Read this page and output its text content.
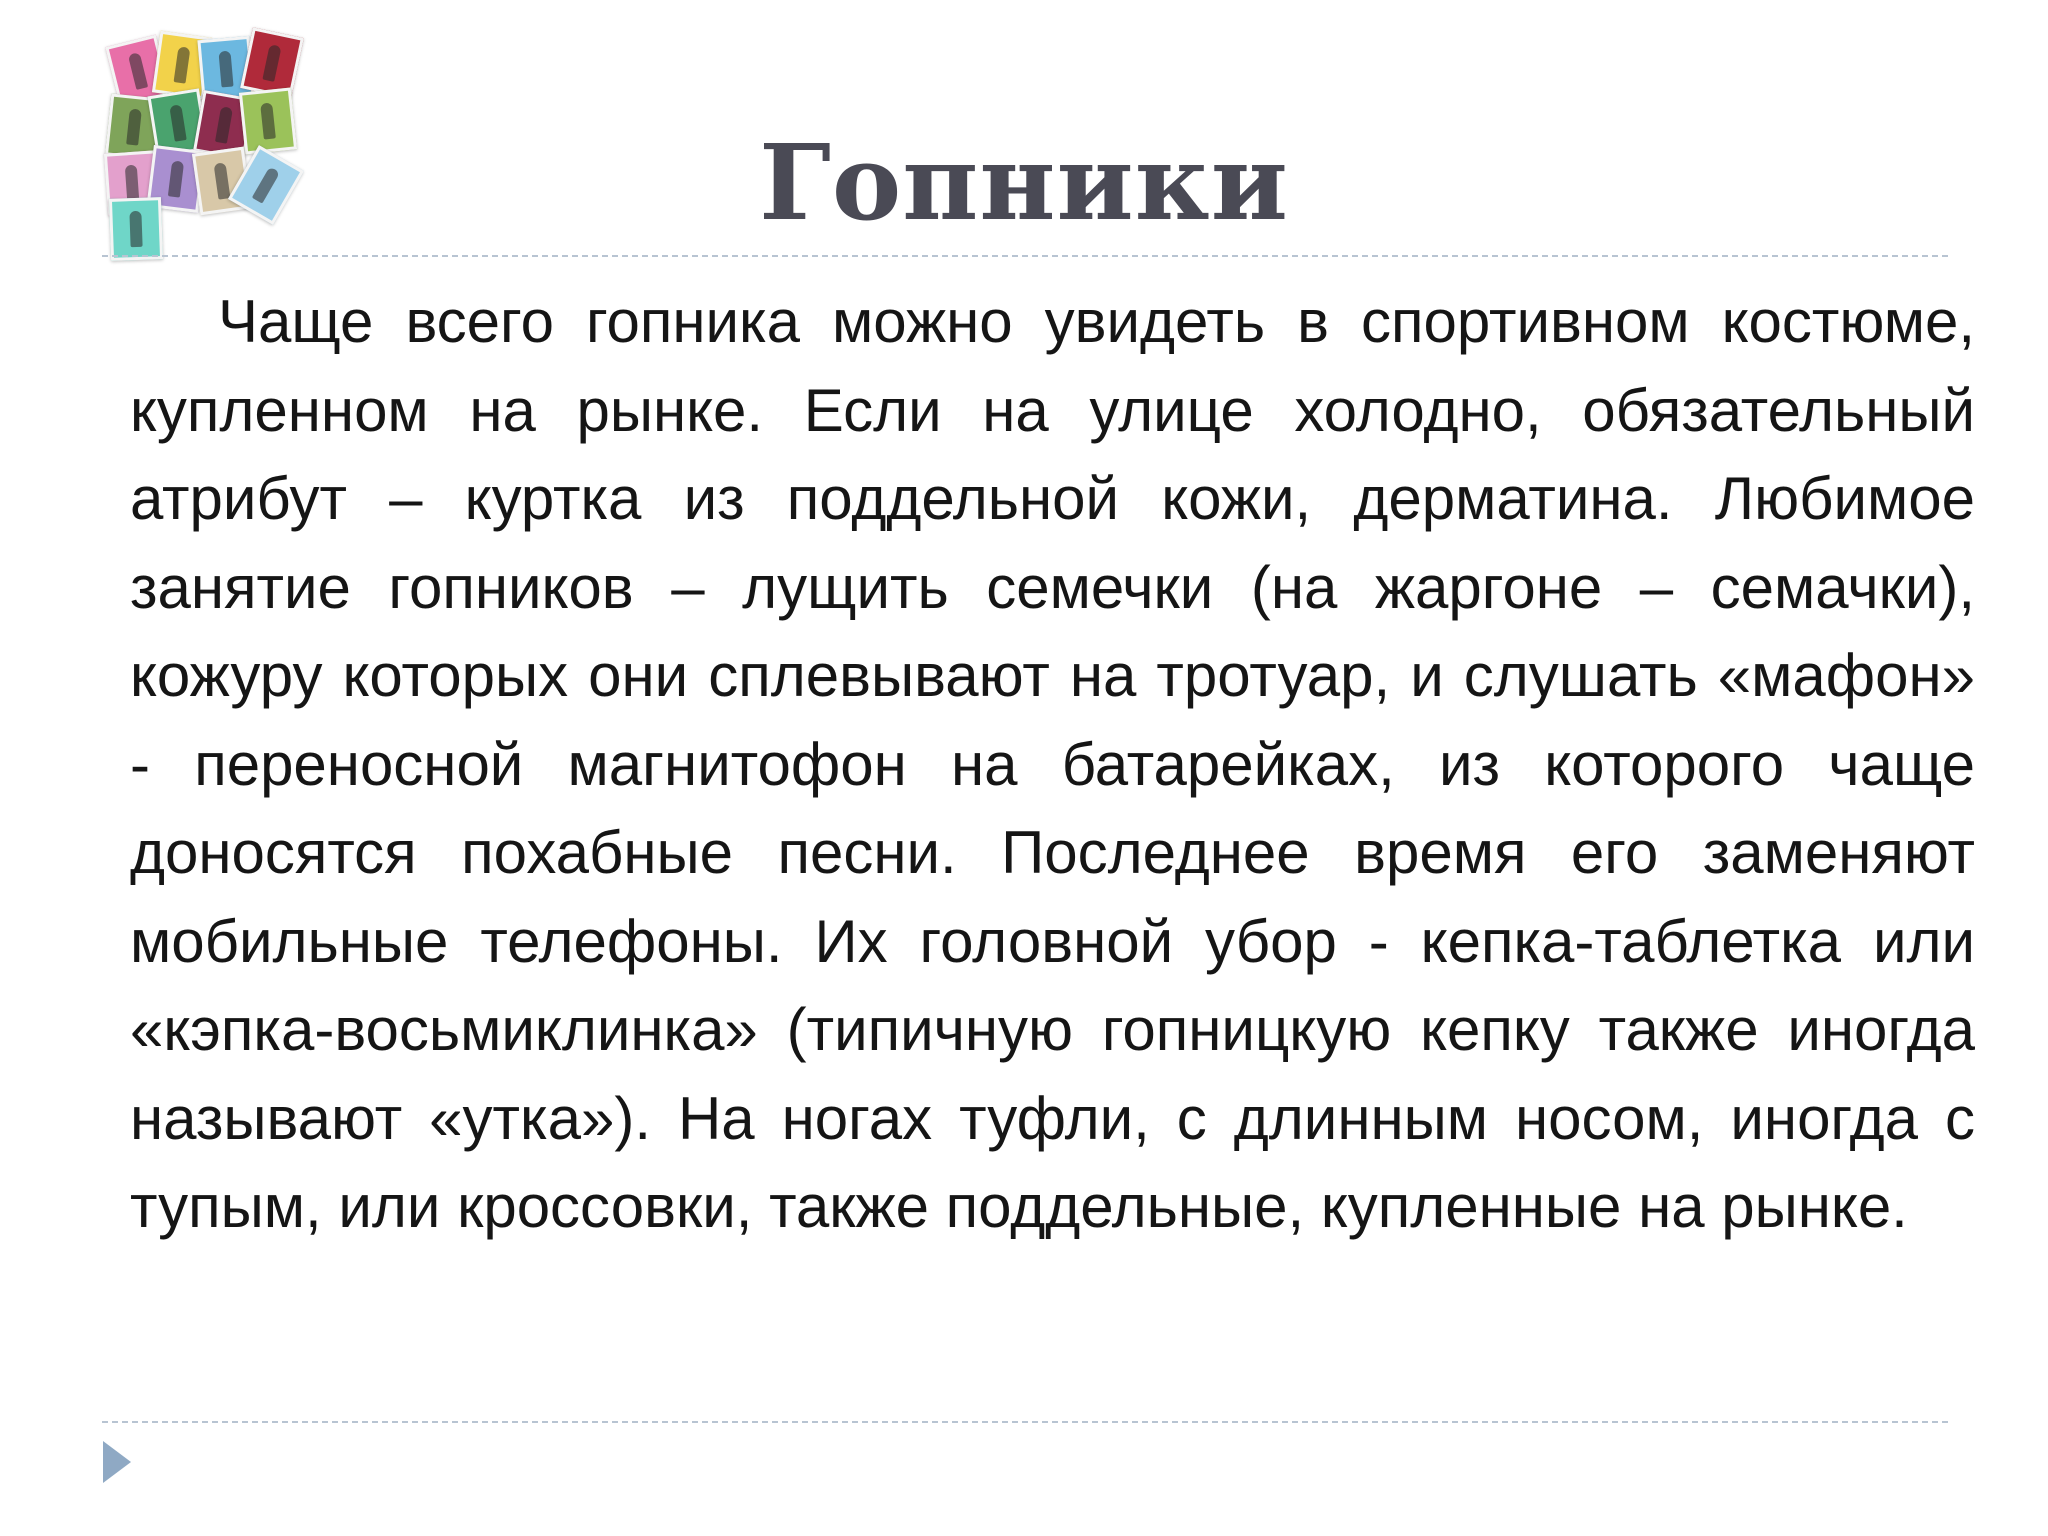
Гопники

Чаще всего гопника можно увидеть в спортивном костюме, купленном на рынке. Если на улице холодно, обязательный атрибут – куртка из поддельной кожи, дерматина. Любимое занятие гопников – лущить семечки (на жаргоне – семачки), кожуру которых они сплевывают на тротуар, и слушать «мафон» - переносной магнитофон на батарейках, из которого чаще доносятся похабные песни. Последнее время его заменяют мобильные телефоны. Их головной убор - кепка-таблетка или «кэпка-восьмиклинка» (типичную гопницкую кепку также иногда называют «утка»). На ногах туфли, с длинным носом, иногда с тупым, или кроссовки, также поддельные, купленные на рынке.
